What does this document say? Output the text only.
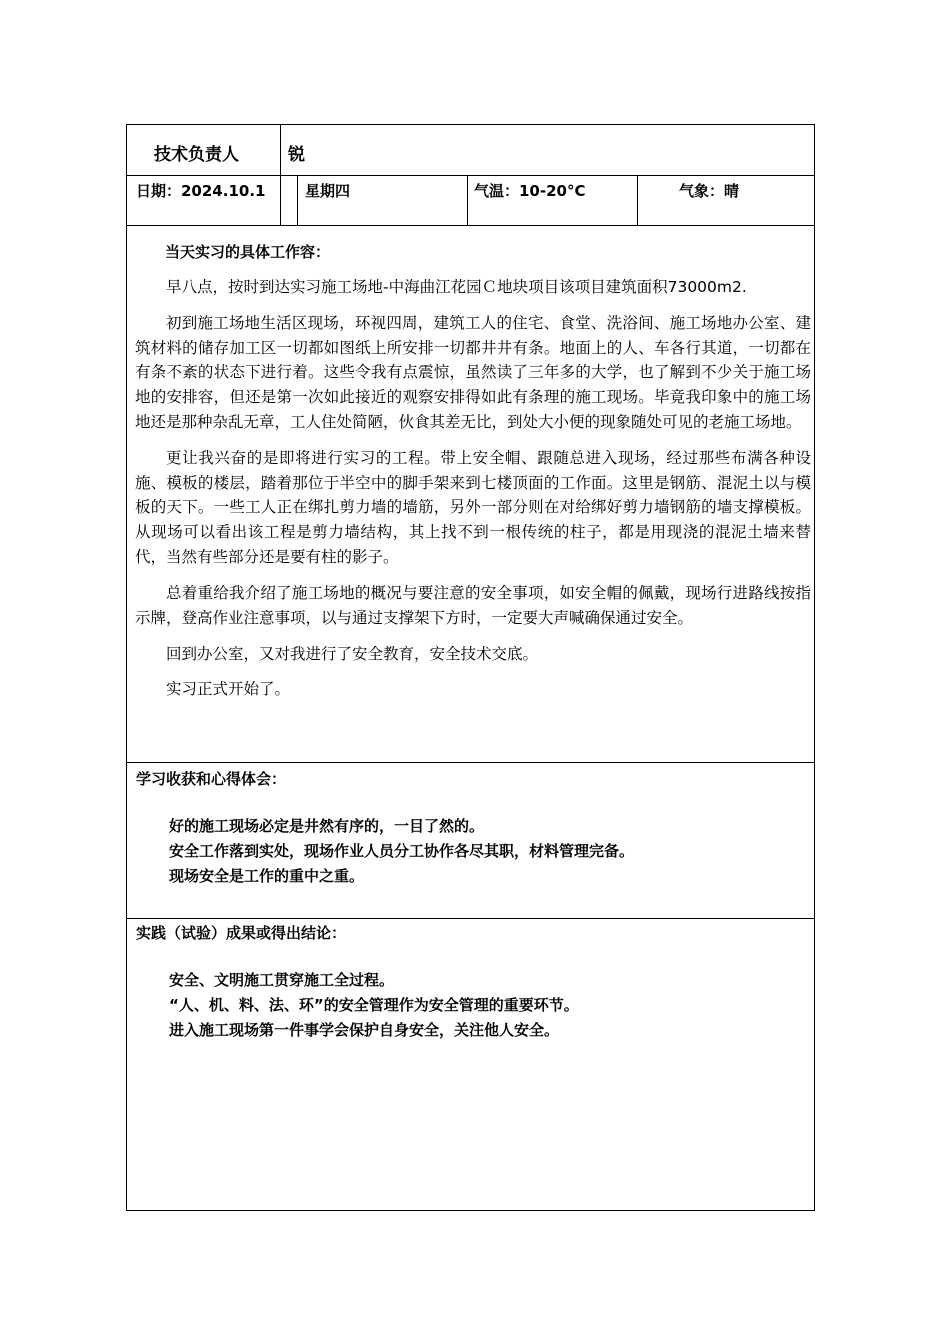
技术负责人	锐
日期：2024.10.1	星期四	气温：10-20°C	气象：晴

当天实习的具体工作容：

早八点，按时到达实习施工场地-中海曲江花园Ｃ地块项目该项目建筑面积73000m2.

初到施工场地生活区现场，环视四周，建筑工人的住宅、食堂、洗浴间、施工场地办公室、建筑材料的储存加工区一切都如图纸上所安排一切都井井有条。地面上的人、车各行其道，一切都在有条不紊的状态下进行着。这些令我有点震惊，虽然读了三年多的大学，也了解到不少关于施工场地的安排容，但还是第一次如此接近的观察安排得如此有条理的施工现场。毕竟我印象中的施工场地还是那种杂乱无章，工人住处简陋，伙食其差无比，到处大小便的现象随处可见的老施工场地。

更让我兴奋的是即将进行实习的工程。带上安全帽、跟随总进入现场，经过那些布满各种设施、模板的楼层，踏着那位于半空中的脚手架来到七楼顶面的工作面。这里是钢筋、混泥土以与模板的天下。一些工人正在绑扎剪力墙的墙筋，另外一部分则在对给绑好剪力墙钢筋的墙支撑模板。从现场可以看出该工程是剪力墙结构，其上找不到一根传统的柱子，都是用现浇的混泥土墙来替代，当然有些部分还是要有柱的影子。

总着重给我介绍了施工场地的概况与要注意的安全事项，如安全帽的佩戴，现场行进路线按指示牌，登高作业注意事项，以与通过支撑架下方时，一定要大声喊确保通过安全。

回到办公室，又对我进行了安全教育，安全技术交底。

实习正式开始了。

学习收获和心得体会：
好的施工现场必定是井然有序的，一目了然的。
安全工作落到实处，现场作业人员分工协作各尽其职，材料管理完备。
现场安全是工作的重中之重。
实践（试验）成果或得出结论：
安全、文明施工贯穿施工全过程。
“人、机、料、法、环”的安全管理作为安全管理的重要环节。
进入施工现场第一件事学会保护自身安全，关注他人安全。
